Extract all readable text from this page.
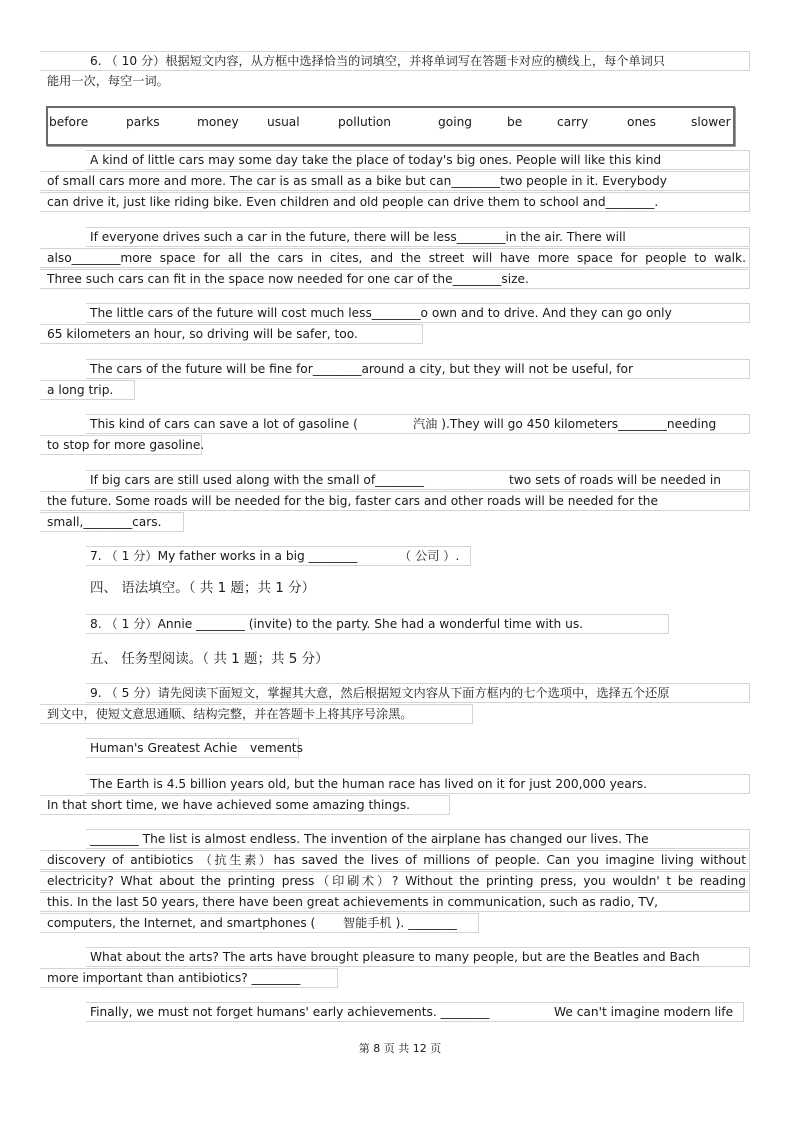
6. （ 10 分）根据短文内容，从方框中选择恰当的词填空，并将单词写在答题卡对应的横线上，每个单词只
能用一次，每空一词。
before	parks	money usual	pollution	going	be	carry	ones	slower
A kind of little cars may some day take the place of today's big ones. People will like this kind
of small cars more and more. The car is as small as a bike but can________two people in it. Everybody
can drive it, just like riding bike. Even children and old people can drive them to school and________.
If everyone drives such a car in the future, there will be less________in the air. There will
also________more space for all the cars in cites, and the street will have more space for people to walk.
Three such cars can fit in the space now needed for one car of the________size.
The little cars of the future will cost much less________o own and to drive. And they can go only
65 kilometers an hour, so driving will be safer, too.
The cars of the future will be fine for________around a city, but they will not be useful, for
a long trip.
This kind of cars can save a lot of gasoline (	汽油 ).They will go 450 kilometers________needing
to stop for more gasoline.
If big cars are still used along with the small of________	two sets of roads will be needed in
the future. Some roads will be needed for the big, faster cars and other roads will be needed for the
small,________cars.
7. （ 1 分）My father works in a big ________	（ 公司 ）.
四、 语法填空。（ 共 1 题；共 1 分）
8. （ 1 分）Annie ________ (invite) to the party. She had a wonderful time with us.
五、 任务型阅读。（ 共 1 题；共 5 分）
9. （ 5 分）请先阅读下面短文，掌握其大意，然后根据短文内容从下面方框内的七个选项中，选择五个还原
到文中，使短文意思通顺、结构完整，并在答题卡上将其序号涂黑。
Human's Greatest Achie vements
The Earth is 4.5 billion years old, but the human race has lived on it for just 200,000 years.
In that short time, we have achieved some amazing things.
________ The list is almost endless. The invention of the airplane has changed our lives. The
discovery of antibiotics （抗生素）has saved the lives of millions of people. Can you imagine living without
electricity? What about the printing press（印刷术）? Without the printing press, you wouldn' t be reading
this. In the last 50 years, there have been great achievements in communication, such as radio, TV,
computers, the Internet, and smartphones ( 智能手机 ). ________
What about the arts? The arts have brought pleasure to many people, but are the Beatles and Bach
more important than antibiotics? ________
Finally, we must not forget humans' early achievements. ________	We can't imagine modern life
第 8 页 共 12 页
